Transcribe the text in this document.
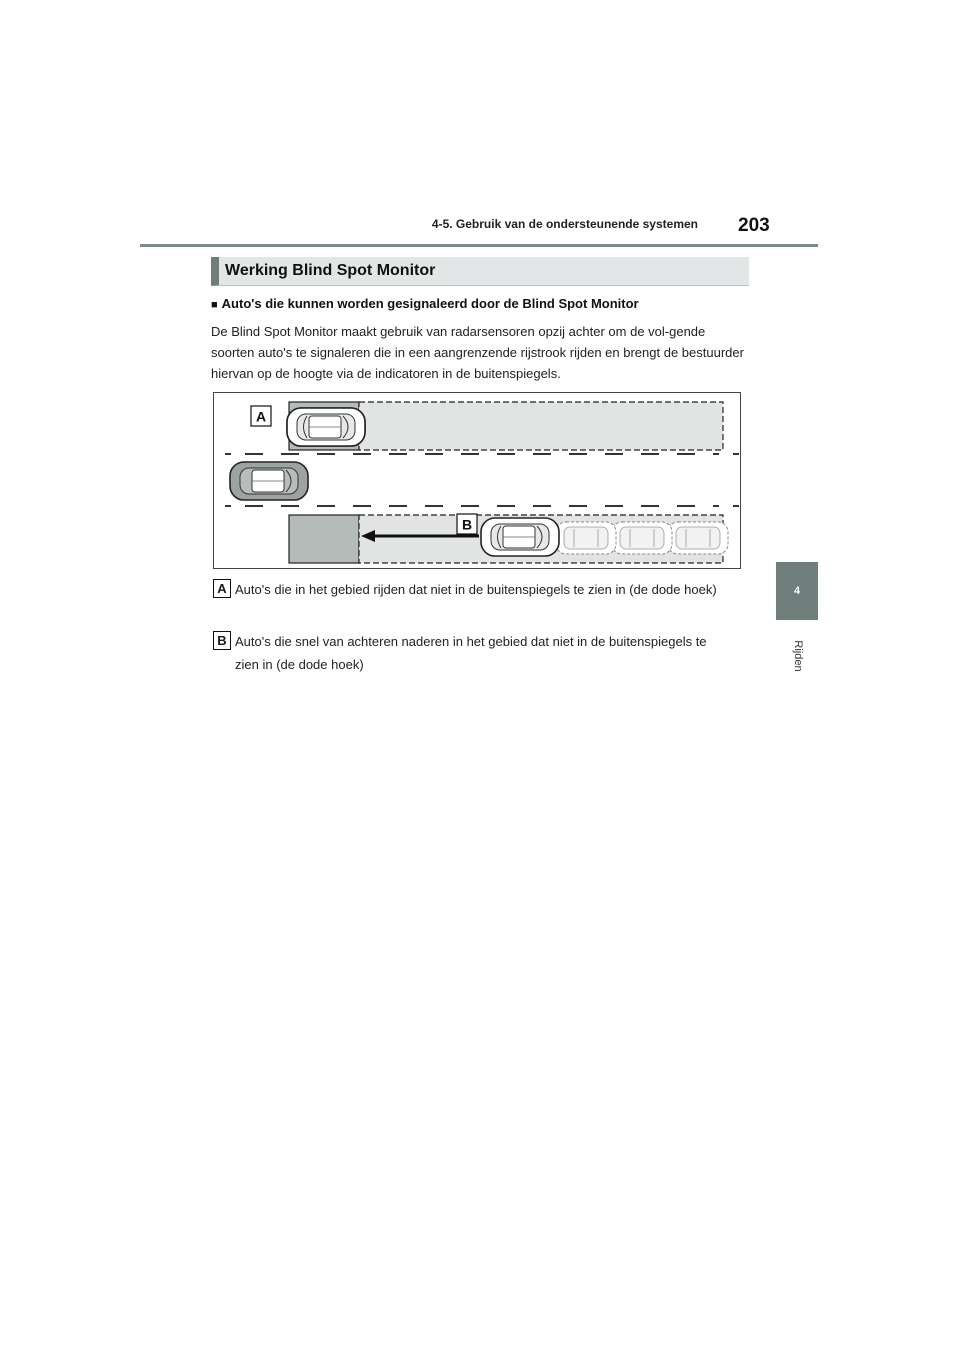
4-5. Gebruik van de ondersteunende systemen 203
4
Rijden
Werking Blind Spot Monitor
■ Auto's die kunnen worden gesignaleerd door de Blind Spot Monitor

De Blind Spot Monitor maakt gebruik van radarsensoren opzij achter om de vol-gende soorten auto's te signaleren die in een aangrenzende rijstrook rijden en brengt de bestuurder hiervan op de hoogte via de indicatoren in de buitenspiegels.

A
B
A Auto's die in het gebied rijden dat niet in de buitenspiegels te zien in (de dode hoek)
B Auto's die snel van achteren naderen in het gebied dat niet in de buitenspiegels te zien in (de dode hoek)
